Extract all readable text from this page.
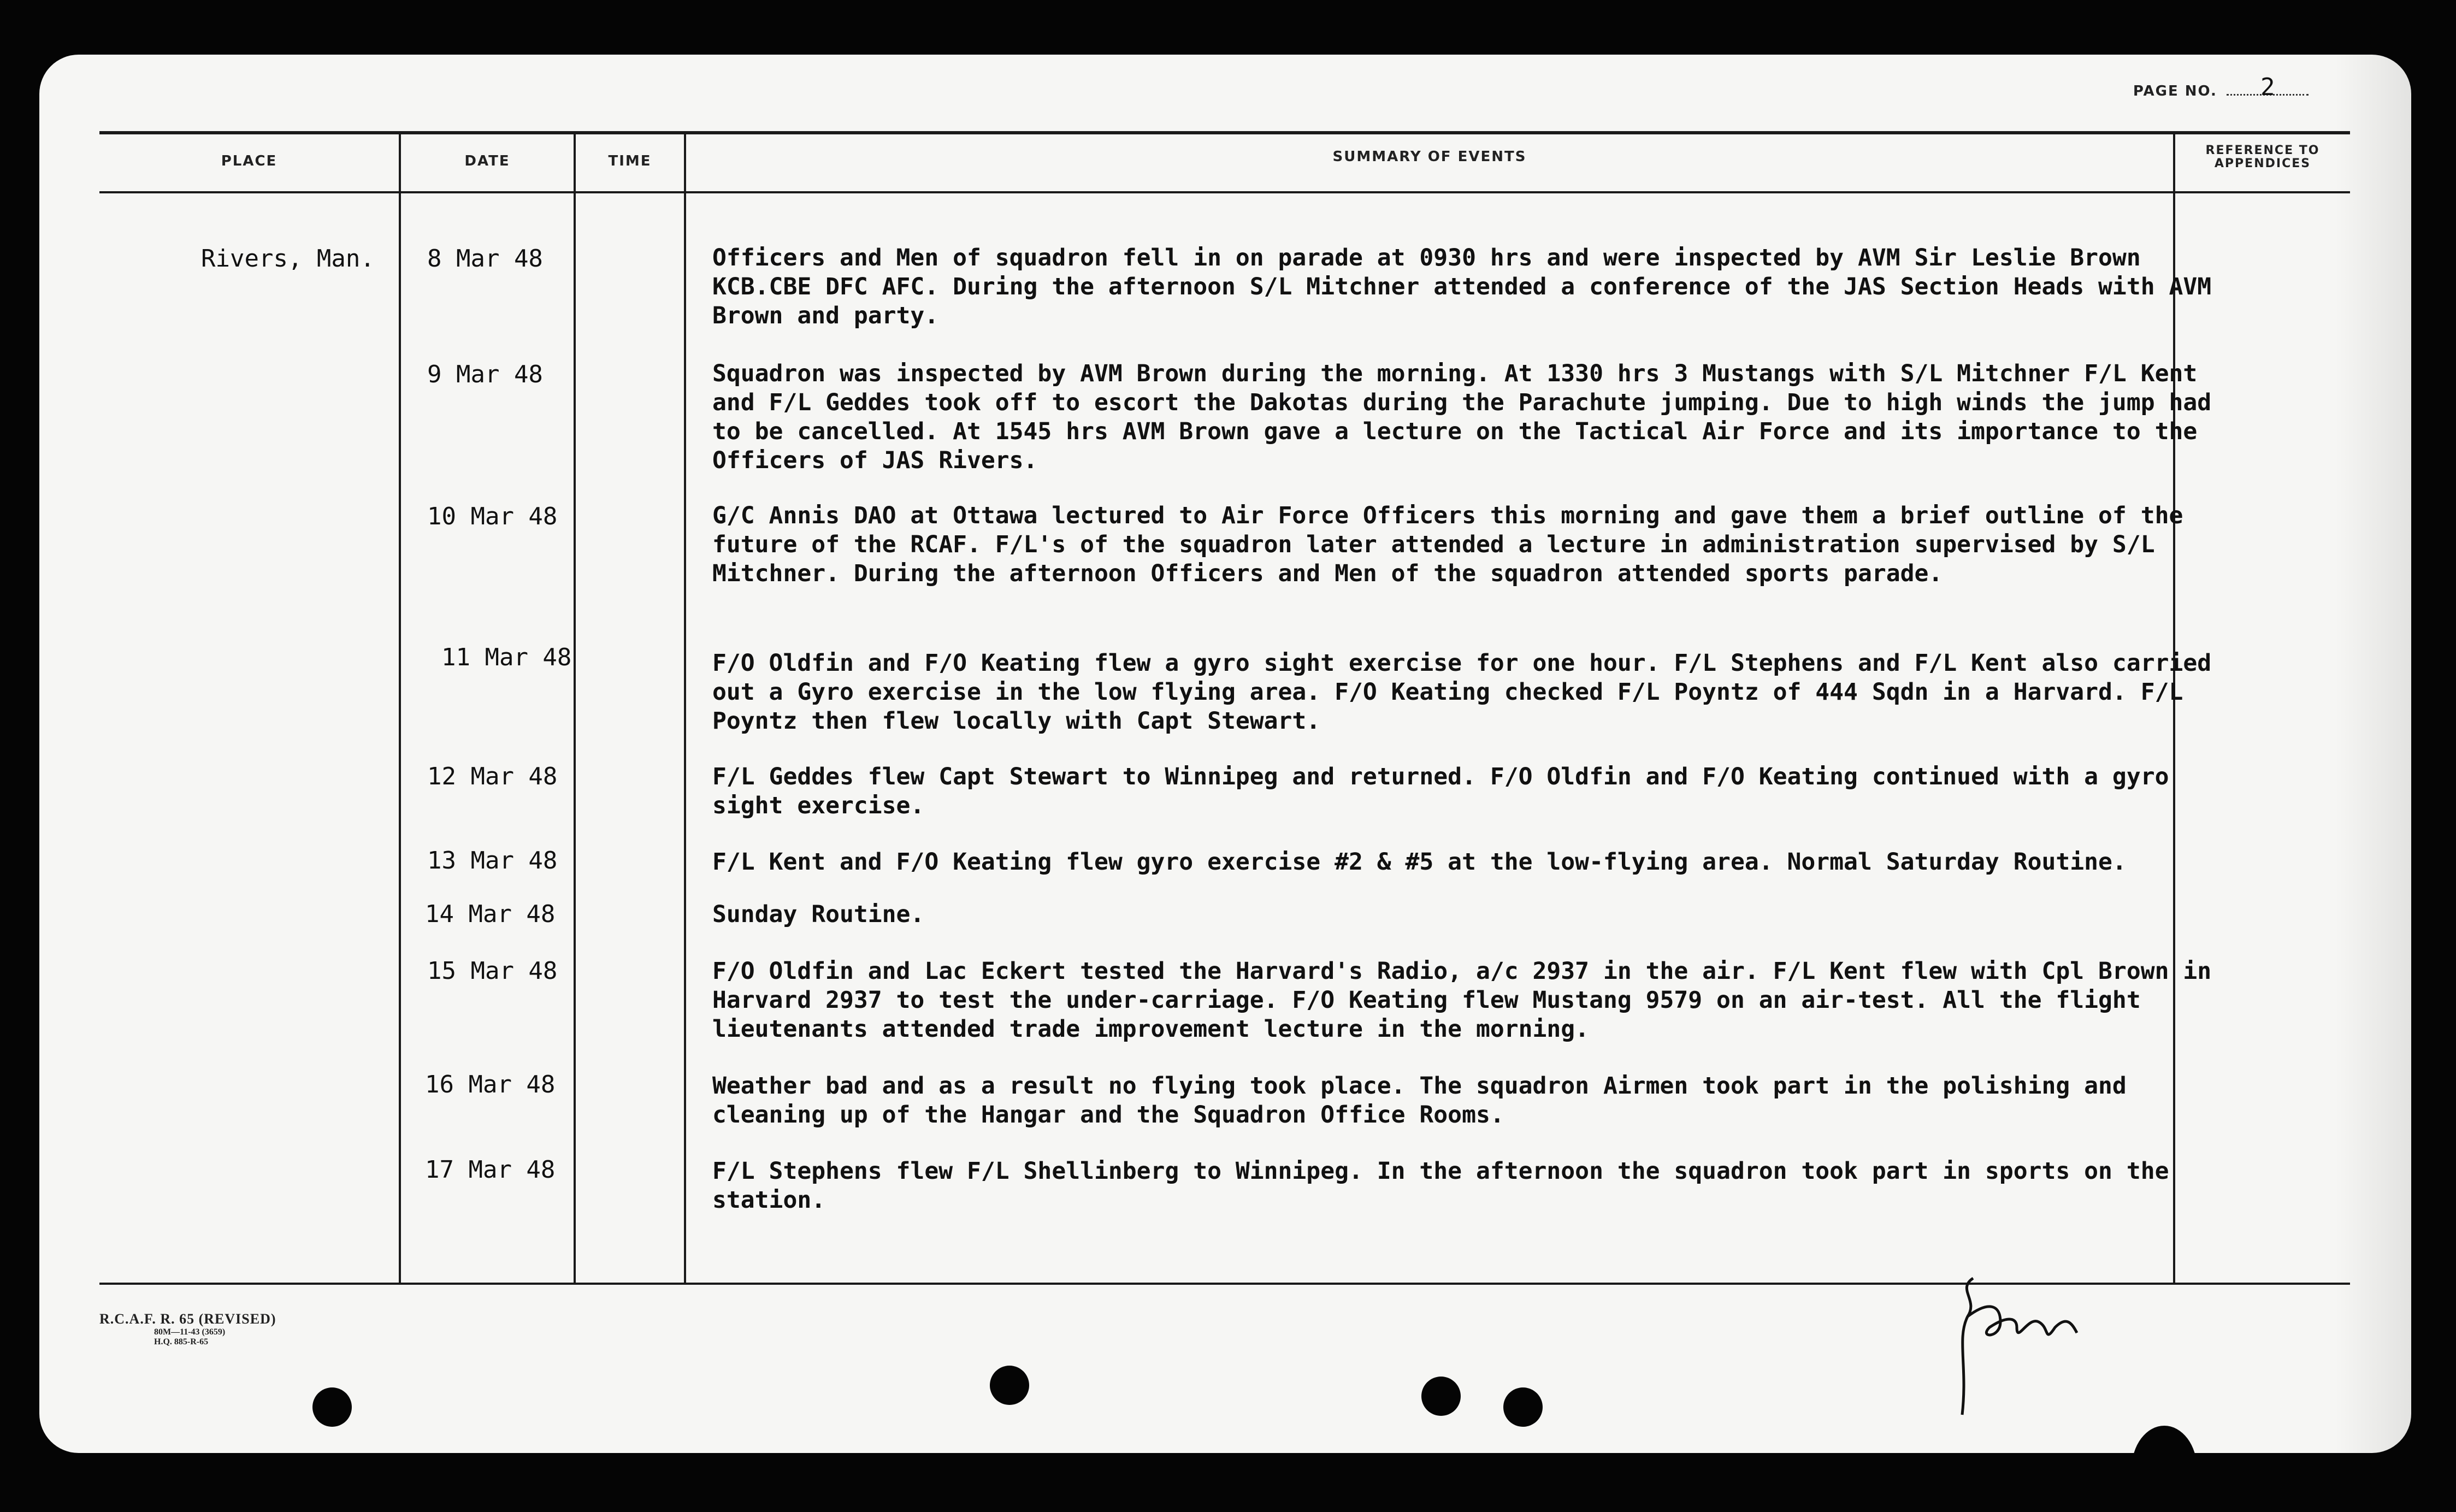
PAGE NO. 2
PLACE	DATE	TIME	SUMMARY OF EVENTS	REFERENCE TO
APPENDICES
Rivers, Man. 8 Mar 48	Officers and Men of squadron fell in on parade at 0930 hrs and were inspected by AVM Sir Leslie Brown KCB.CBE DFC AFC. During the afternoon S/L Mitchner attended a conference of the JAS Section Heads with AVM Brown and party.
9 Mar 48	Squadron was inspected by AVM Brown during the morning. At 1330 hrs 3 Mustangs with S/L Mitchner F/L Kent and F/L Geddes took off to escort the Dakotas during the Parachute jumping. Due to high winds the jump had to be cancelled. At 1545 hrs AVM Brown gave a lecture on the Tactical Air Force and its importance to the Officers of JAS Rivers.
10 Mar 48	G/C Annis DAO at Ottawa lectured to Air Force Officers this morning and gave them a brief outline of the future of the RCAF. F/L's of the squadron later attended a lecture in administration supervised by S/L Mitchner. During the afternoon Officers and Men of the squadron attended sports parade.
11 Mar 48	F/O Oldfin and F/O Keating flew a gyro sight exercise for one hour. F/L Stephens and F/L Kent also carried out a Gyro exercise in the low flying area. F/O Keating checked F/L Poyntz of 444 Sqdn in a Harvard. F/L Poyntz then flew locally with Capt Stewart.
12 Mar 48	F/L Geddes flew Capt Stewart to Winnipeg and returned. F/O Oldfin and F/O Keating continued with a gyro sight exercise.
13 Mar 48	F/L Kent and F/O Keating flew gyro exercise #2 & #5 at the low-flying area. Normal Saturday Routine.
14 Mar 48	Sunday Routine.
15 Mar 48	F/O Oldfin and Lac Eckert tested the Harvard's Radio, a/c 2937 in the air. F/L Kent flew with Cpl Brown in Harvard 2937 to test the under-carriage. F/O Keating flew Mustang 9579 on an air-test. All the flight lieutenants attended trade improvement lecture in the morning.
16 Mar 48	Weather bad and as a result no flying took place. The squadron Airmen took part in the polishing and cleaning up of the Hangar and the Squadron Office Rooms.
17 Mar 48	F/L Stephens flew F/L Shellinberg to Winnipeg. In the afternoon the squadron took part in sports on the station.
R.C.A.F. R. 65 (REVISED)
80M—11-43 (3659)
H.Q. 885-R-65
